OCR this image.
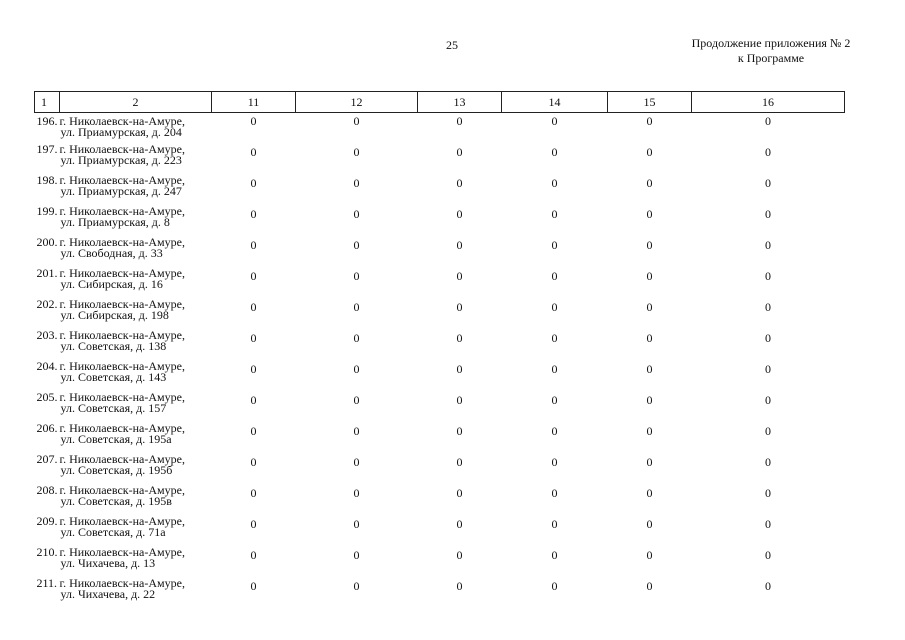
25	Продолжение приложения № 2
к Программе
1	2	11	12	13	14	15	16
196.	г. Николаевск-на-Амуре,
ул. Приамурская, д. 204	0	0	0	0	0	0
197.	г. Николаевск-на-Амуре,
ул. Приамурская, д. 223	0	0	0	0	0	0
198.	г. Николаевск-на-Амуре,
ул. Приамурская, д. 247	0	0	0	0	0	0
199.	г. Николаевск-на-Амуре,
ул. Приамурская, д. 8	0	0	0	0	0	0
200.	г. Николаевск-на-Амуре,
ул. Свободная, д. 33	0	0	0	0	0	0
201.	г. Николаевск-на-Амуре,
ул. Сибирская, д. 16	0	0	0	0	0	0
202.	г. Николаевск-на-Амуре,
ул. Сибирская, д. 198	0	0	0	0	0	0
203.	г. Николаевск-на-Амуре,
ул. Советская, д. 138	0	0	0	0	0	0
204.	г. Николаевск-на-Амуре,
ул. Советская, д. 143	0	0	0	0	0	0
205.	г. Николаевск-на-Амуре,
ул. Советская, д. 157	0	0	0	0	0	0
206.	г. Николаевск-на-Амуре,
ул. Советская, д. 195а	0	0	0	0	0	0
207.	г. Николаевск-на-Амуре,
ул. Советская, д. 195б	0	0	0	0	0	0
208.	г. Николаевск-на-Амуре,
ул. Советская, д. 195в	0	0	0	0	0	0
209.	г. Николаевск-на-Амуре,
ул. Советская, д. 71а	0	0	0	0	0	0
210.	г. Николаевск-на-Амуре,
ул. Чихачева, д. 13	0	0	0	0	0	0
211.	г. Николаевск-на-Амуре,
ул. Чихачева, д. 22	0	0	0	0	0	0
